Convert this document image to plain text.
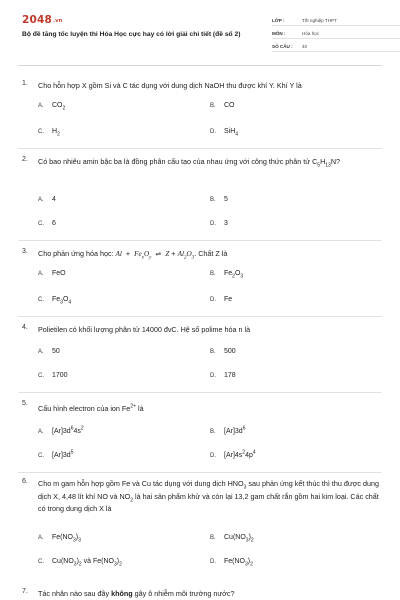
2048.vn
Bộ đề tăng tốc luyện thi Hóa Học cực hay có lời giải chi tiết (đề số 2)
LỚP :	Tốt nghiệp THPT
MÔN :	Hóa học
SỐ CÂU :	40
1. Cho hỗn hợp X gồm Si và C tác dụng với dung dịch NaOH thu được khí Y. Khí Y là
A. $CO_2$	B. CO
C. $H_2$	D. SiH$_4$
2. Có bao nhiêu amin bậc ba là đồng phân cấu tạo của nhau ứng với công thức phân tử $C_5H_{13}N$?
A. 4	B. 5
C. 6	D. 3
3. Cho phản ứng hóa học: $Al + Fe_xO_y$  ⇌  $Z + Al_2O_3$. Chất Z là
A. FeO	B. $Fe_2O_3$
C. $Fe_3O_4$	D. Fe
4. Polietilen có khối lượng phân tử 14000 đvC. Hệ số polime hóa n là
A. 50	B. 500
C. 1700	D. 178
5.
Cấu hình electron của ion $Fe^{2+}$ là
A. $[Ar]3d^64s^2$
B. $[Ar]3d^6$
C. $[Ar]3d^5$
D. $[Ar]4s^24p^4$
6. Cho m gam hỗn hợp gồm Fe và Cu tác dụng với dung dịch $HNO_3$ sau phản ứng kết thúc thì thu được dung dịch X, 4,48 lít khí NO và $NO_2$ là hai sản phẩm khử và còn lại 13,2 gam chất rắn gồm hai kim loại. Các chất có trong dung dịch X là
A. $Fe(NO_3)_3$	B. $Cu(NO_3)_2$
C. $Cu(NO_3)_2$ và $Fe(NO_3)_2$	D. $Fe(NO_3)_2$
7. Tác nhân nào sau đây không gây ô nhiễm môi trường nước?
